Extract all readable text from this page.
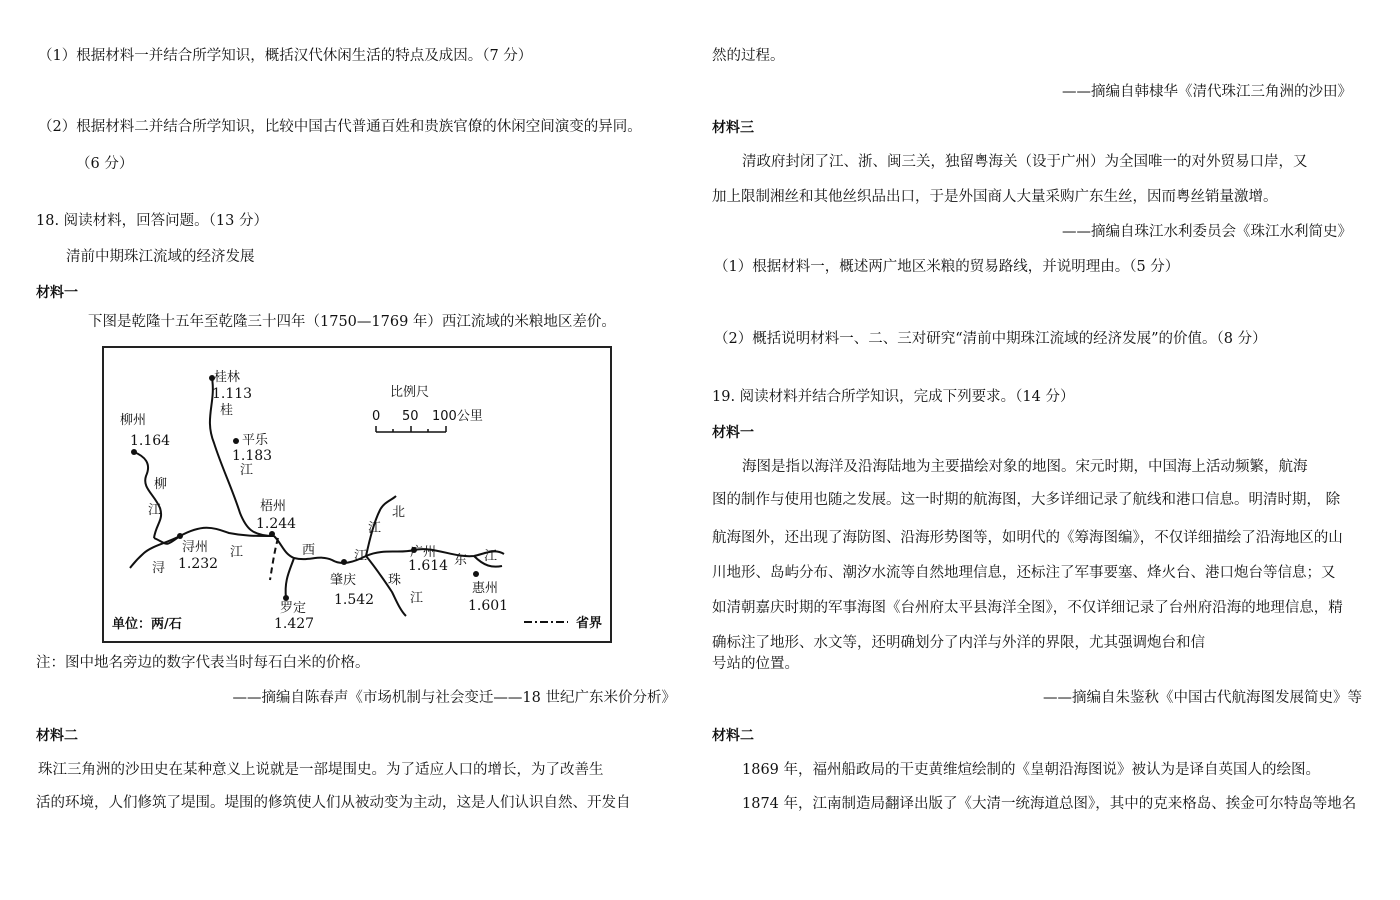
（1）根据材料一并结合所学知识，概括汉代休闲生活的特点及成因。（7 分）
（2）根据材料二并结合所学知识，比较中国古代普通百姓和贵族官僚的休闲空间演变的异同。
（6 分）
18. 阅读材料，回答问题。（13 分）
清前中期珠江流域的经济发展
材料一
下图是乾隆十五年至乾隆三十四年（1750—1769 年）西江流域的米粮地区差价。
注：图中地名旁边的数字代表当时每石白米的价格。
——摘编自陈春声《市场机制与社会变迁——18 世纪广东米价分析》
材料二
珠江三角洲的沙田史在某种意义上说就是一部堤围史。为了适应人口的增长，为了改善生
活的环境，人们修筑了堤围。堤围的修筑使人们从被动变为主动，这是人们认识自然、开发自
桂林
1.113
柳州
1.164	平乐
1.183
梧州
1.244
浔州
1.232
广州
1.614
肇庆
1.542
罗定
1.427
惠州
1.601
桂
江
柳
江
浔
江	西	江
北
江
珠
江
东 江
比例尺
0 50 100公里
单位：两/石	省界
然的过程。
——摘编自韩棣华《清代珠江三角洲的沙田》
材料三
清政府封闭了江、浙、闽三关，独留粤海关（设于广州）为全国唯一的对外贸易口岸，又
加上限制湘丝和其他丝织品出口，于是外国商人大量采购广东生丝，因而粤丝销量激增。
——摘编自珠江水利委员会《珠江水利简史》
（1）根据材料一，概述两广地区米粮的贸易路线，并说明理由。（5 分）
（2）概括说明材料一、二、三对研究“清前中期珠江流域的经济发展”的价值。（8 分）
19. 阅读材料并结合所学知识，完成下列要求。（14 分）
材料一
海图是指以海洋及沿海陆地为主要描绘对象的地图。宋元时期，中国海上活动频繁，航海
图的制作与使用也随之发展。这一时期的航海图，大多详细记录了航线和港口信息。明清时期， 除
航海图外，还出现了海防图、沿海形势图等，如明代的《筹海图编》，不仅详细描绘了沿海地区的山
川地形、岛屿分布、潮汐水流等自然地理信息，还标注了军事要塞、烽火台、港口炮台等信息；又
如清朝嘉庆时期的军事海图《台州府太平县海洋全图》，不仅详细记录了台州府沿海的地理信息，精
确标注了地形、水文等，还明确划分了内洋与外洋的界限，尤其强调炮台和信
号站的位置。
——摘编自朱鉴秋《中国古代航海图发展简史》等
材料二
1869 年，福州船政局的干吏黄维煊绘制的《皇朝沿海图说》被认为是译自英国人的绘图。
1874 年，江南制造局翻译出版了《大清一统海道总图》，其中的克来格岛、挨金可尔特岛等地名
